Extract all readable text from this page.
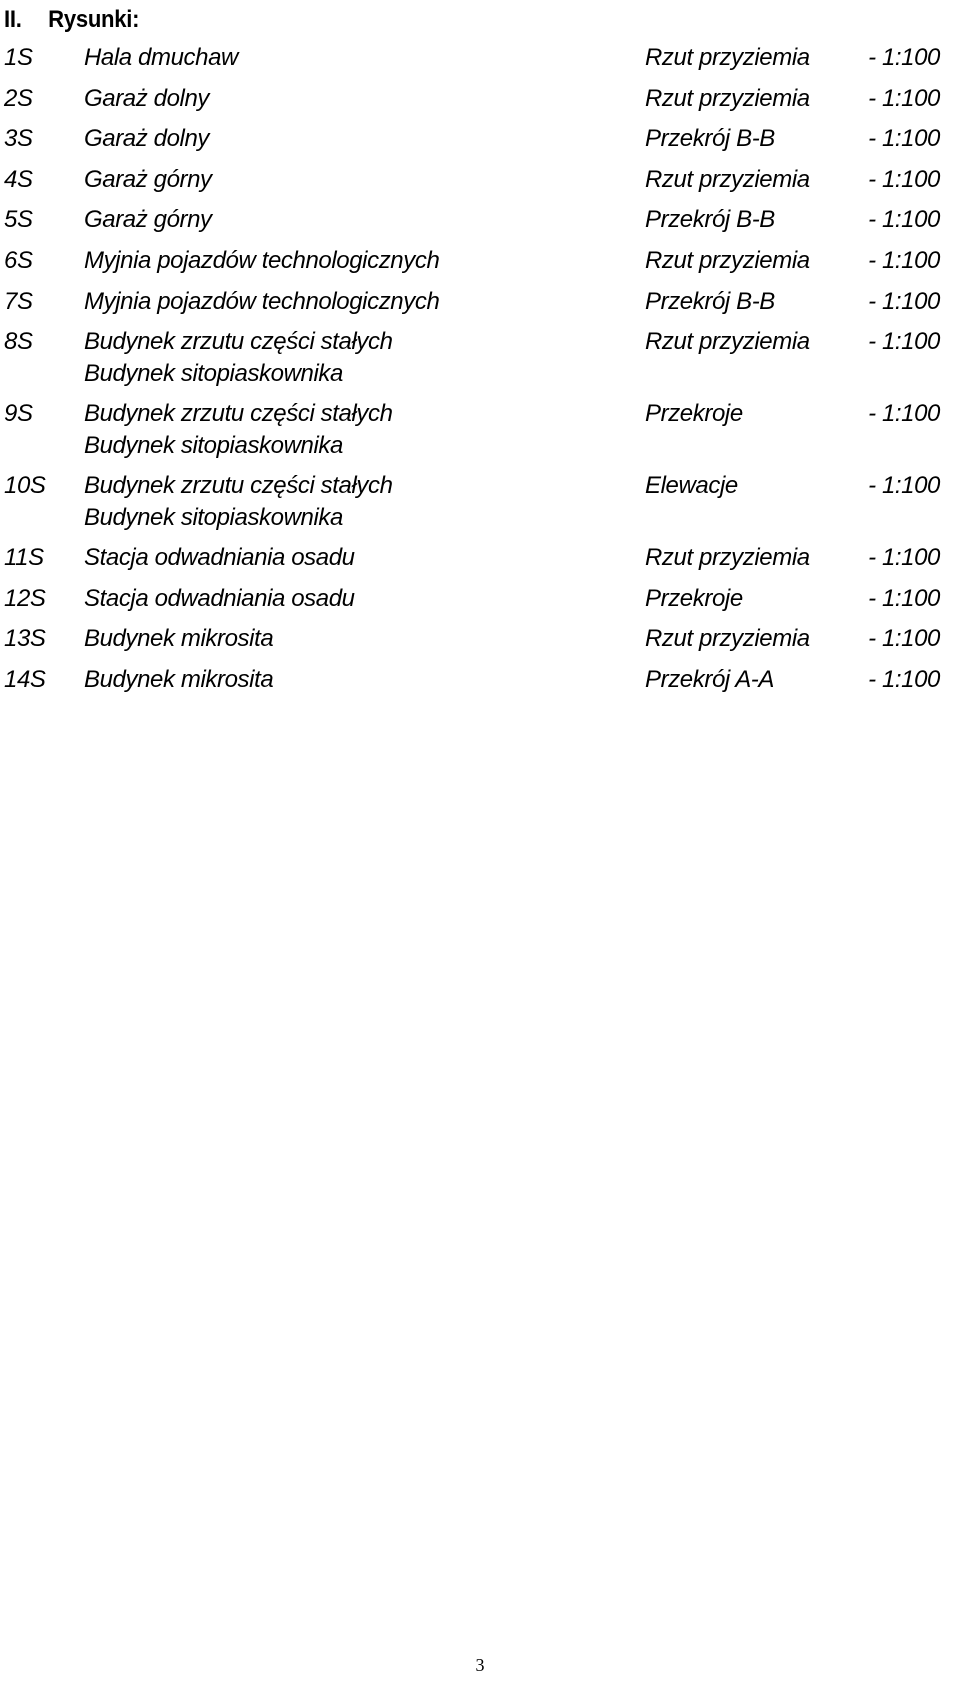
II.	Rysunki:
1S Hala dmuchaw	Rzut przyziemia - 1:100
2S Garaż dolny	Rzut przyziemia - 1:100
3S Garaż dolny	Przekrój B-B	- 1:100
4S Garaż górny	Rzut przyziemia - 1:100
5S Garaż górny	Przekrój B-B	- 1:100
6S Myjnia pojazdów technologicznych	Rzut przyziemia - 1:100
7S Myjnia pojazdów technologicznych	Przekrój B-B	- 1:100
8S Budynek zrzutu części stałych
Budynek sitopiaskownika
Rzut przyziemia - 1:100
9S Budynek zrzutu części stałych
Budynek sitopiaskownika
Przekroje	- 1:100
10S Budynek zrzutu części stałych
Budynek sitopiaskownika
Elewacje	- 1:100
11S Stacja odwadniania osadu	Rzut przyziemia - 1:100
12S Stacja odwadniania osadu	Przekroje	- 1:100
13S Budynek mikrosita	Rzut przyziemia - 1:100
14S Budynek mikrosita	Przekrój A-A	- 1:100
3
